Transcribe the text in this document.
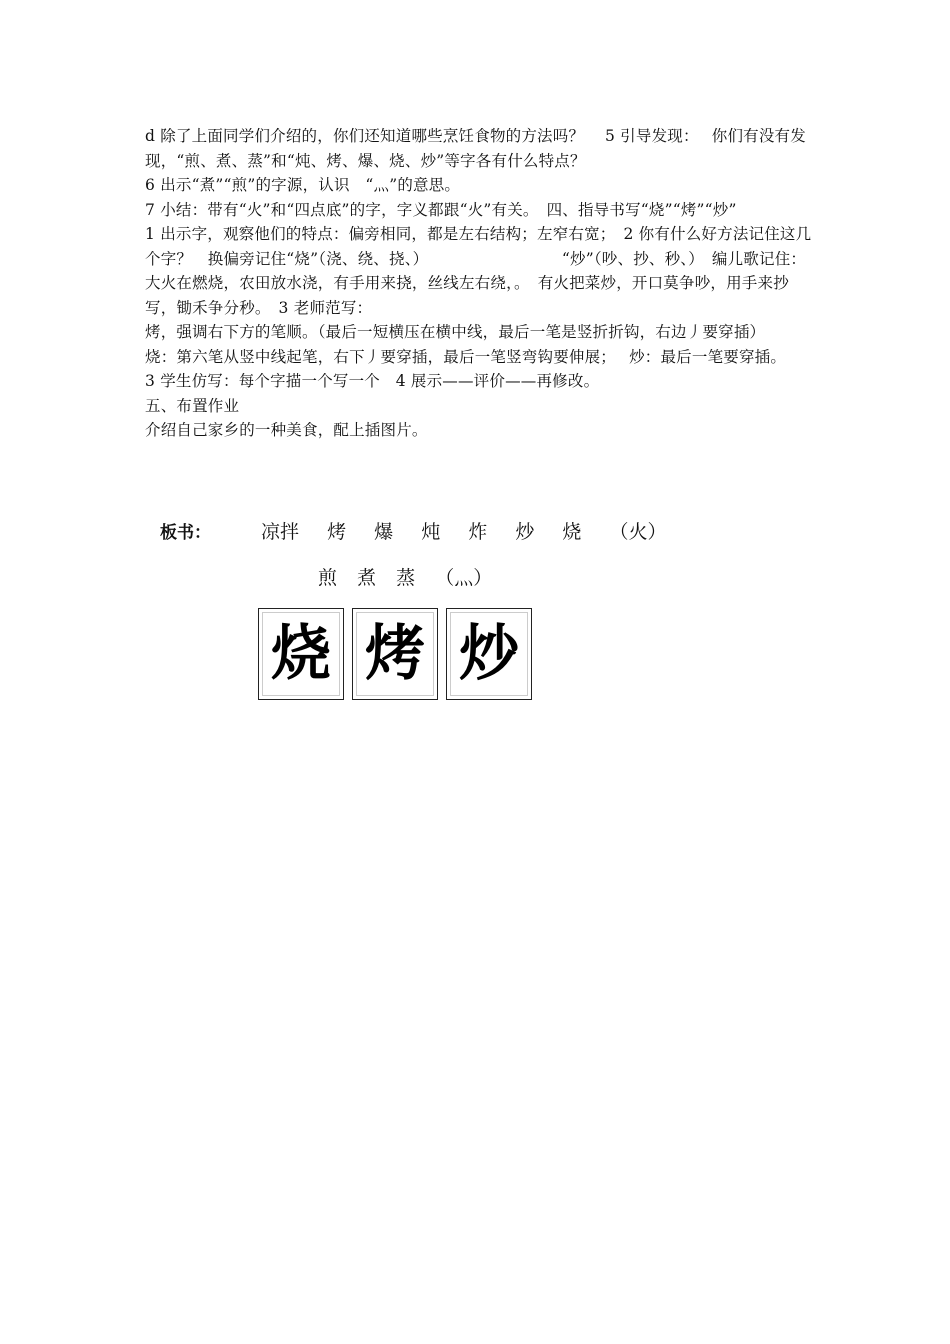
d 除了上面同学们介绍的，你们还知道哪些烹饪食物的方法吗？　 5 引导发现：　 你们有没有发现，“煎、煮、蒸”和“炖、烤、爆、烧、炒”等字各有什么特点？

6 出示“煮”“煎”的字源，认识　“灬”的意思。

7 小结：带有“火”和“四点底”的字，字义都跟“火”有关。　四、指导书写“烧”“烤”“炒”

1 出示字，观察他们的特点：偏旁相同，都是左右结构；左窄右宽；　2 你有什么好方法记住这几个字？　换偏旁记住“烧”（浇、绕、挠、）　　　　　　　　　“炒”（吵、抄、秒、）　编儿歌记住：

大火在燃烧，农田放水浇，有手用来挠，丝线左右绕，。　有火把菜炒，开口莫争吵，用手来抄写，锄禾争分秒。　3 老师范写：

烤，强调右下方的笔顺。（最后一短横压在横中线，最后一笔是竖折折钩，右边丿要穿插）

烧：第六笔从竖中线起笔，右下丿要穿插，最后一笔竖弯钩要伸展；　 炒：最后一笔要穿插。

3 学生仿写：每个字描一个写一个　4 展示——评价——再修改。

五、布置作业

介绍自己家乡的一种美食，配上插图片。

板书：	凉拌 烤 爆 炖 炸 炒 烧 （火）
煎 煮 蒸 （灬）
烧 烤 炒
